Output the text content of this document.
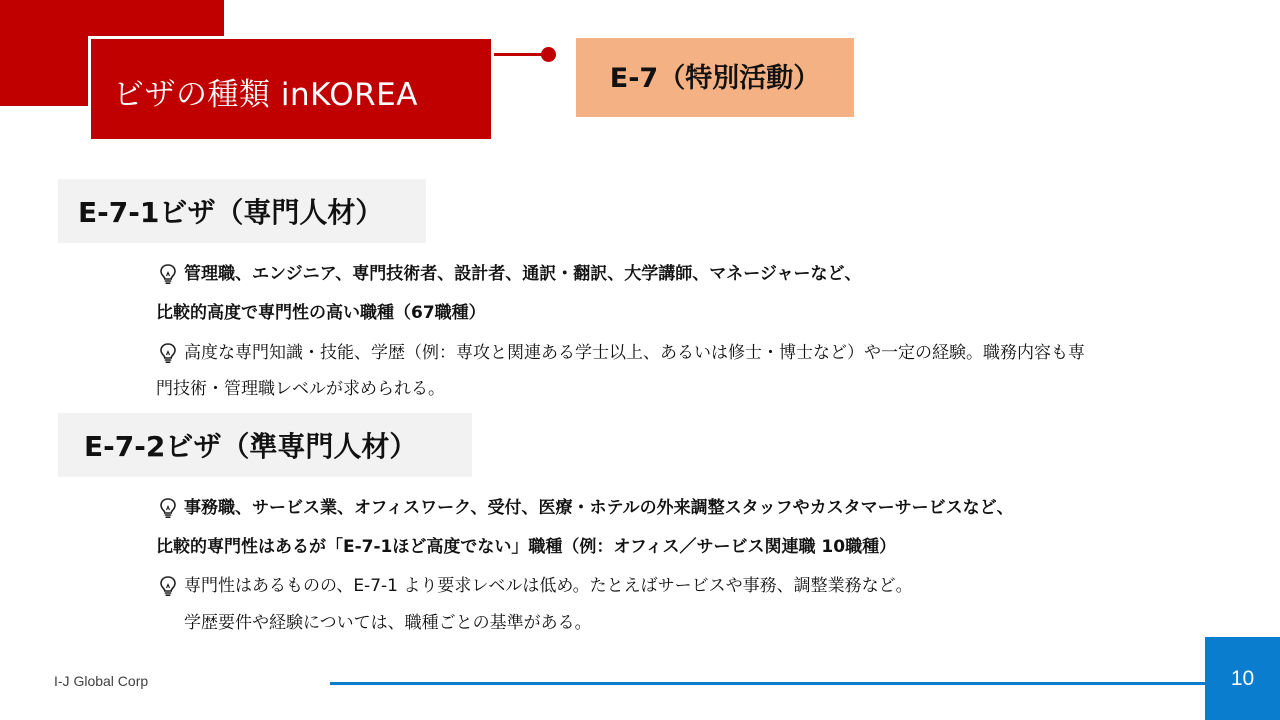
ビザの種類 inKOREA	E-7（特別活動）
E-7-1ビザ（専門人材）
管理職、エンジニア、専門技術者、設計者、通訳・翻訳、大学講師、マネージャーなど、
比較的高度で専門性の高い職種（67職種）
高度な専門知識・技能、学歴（例：専攻と関連ある学士以上、あるいは修士・博士など）や一定の経験。職務内容も専
門技術・管理職レベルが求められる。
E-7-2ビザ（準専門人材）
事務職、サービス業、オフィスワーク、受付、医療・ホテルの外来調整スタッフやカスタマーサービスなど、
比較的専門性はあるが「E-7-1ほど高度でない」職種（例：オフィス／サービス関連職 10職種）
専門性はあるものの、E-7-1 より要求レベルは低め。たとえばサービスや事務、調整業務など。
学歴要件や経験については、職種ごとの基準がある。
I-J Global Corp	10
